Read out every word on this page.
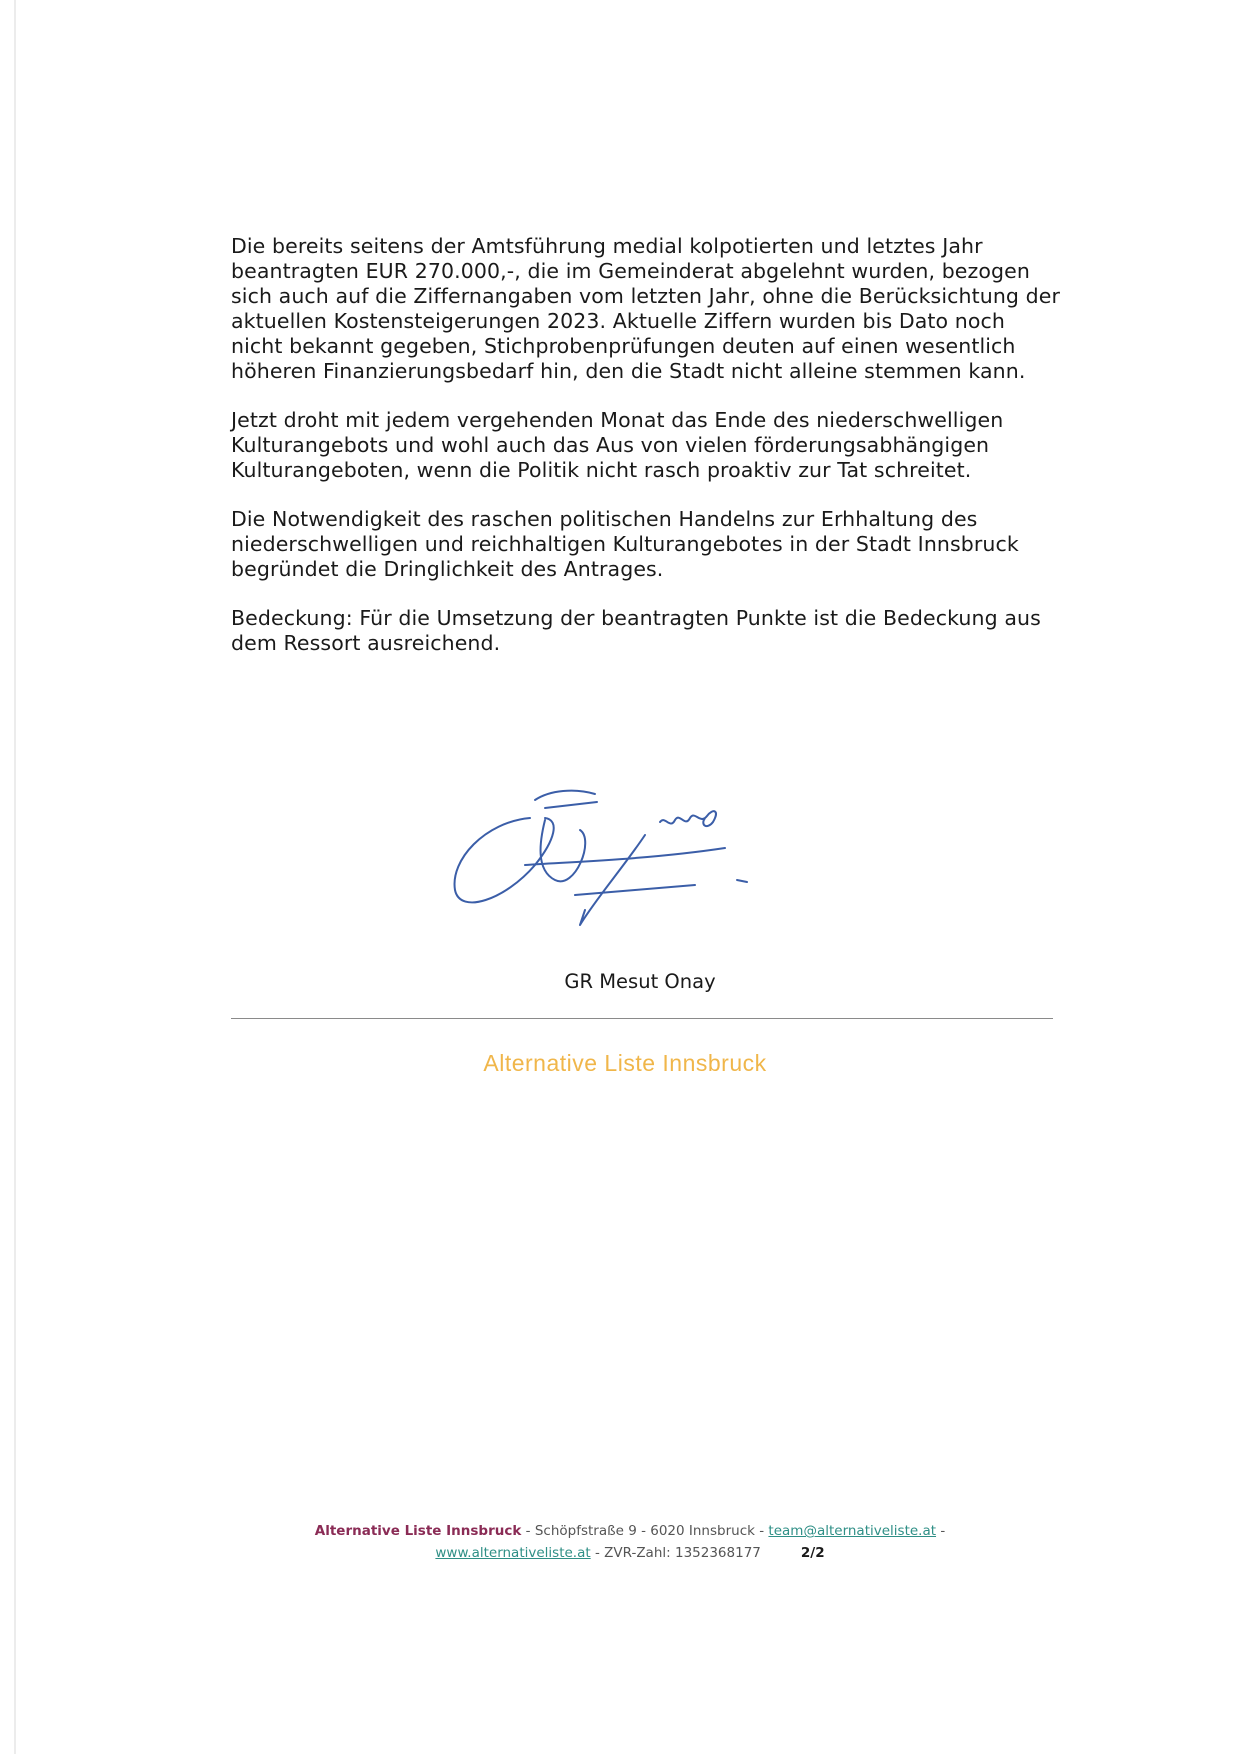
Die bereits seitens der Amtsführung medial kolpotierten und letztes Jahr beantragten EUR 270.000,-, die im Gemeinderat abgelehnt wurden, bezogen sich auch auf die Ziffernangaben vom letzten Jahr, ohne die Berücksichtung der aktuellen Kostensteigerungen 2023. Aktuelle Ziffern wurden bis Dato noch nicht bekannt gegeben, Stichprobenprüfungen deuten auf einen wesentlich höheren Finanzierungsbedarf hin, den die Stadt nicht alleine stemmen kann.

Jetzt droht mit jedem vergehenden Monat das Ende des niederschwelligen Kulturangebots und wohl auch das Aus von vielen förderungsabhängigen Kulturangeboten, wenn die Politik nicht rasch proaktiv zur Tat schreitet.

Die Notwendigkeit des raschen politischen Handelns zur Erhhaltung des niederschwelligen und reichhaltigen Kulturangebotes in der Stadt Innsbruck begründet die Dringlichkeit des Antrages.

Bedeckung: Für die Umsetzung der beantragten Punkte ist die Bedeckung aus dem Ressort ausreichend.

GR Mesut Onay
Alternative Liste Innsbruck
Alternative Liste Innsbruck - Schöpfstraße 9 - 6020 Innsbruck - team@alternativeliste.at -
www.alternativeliste.at - ZVR-Zahl: 1352368177	2/2
